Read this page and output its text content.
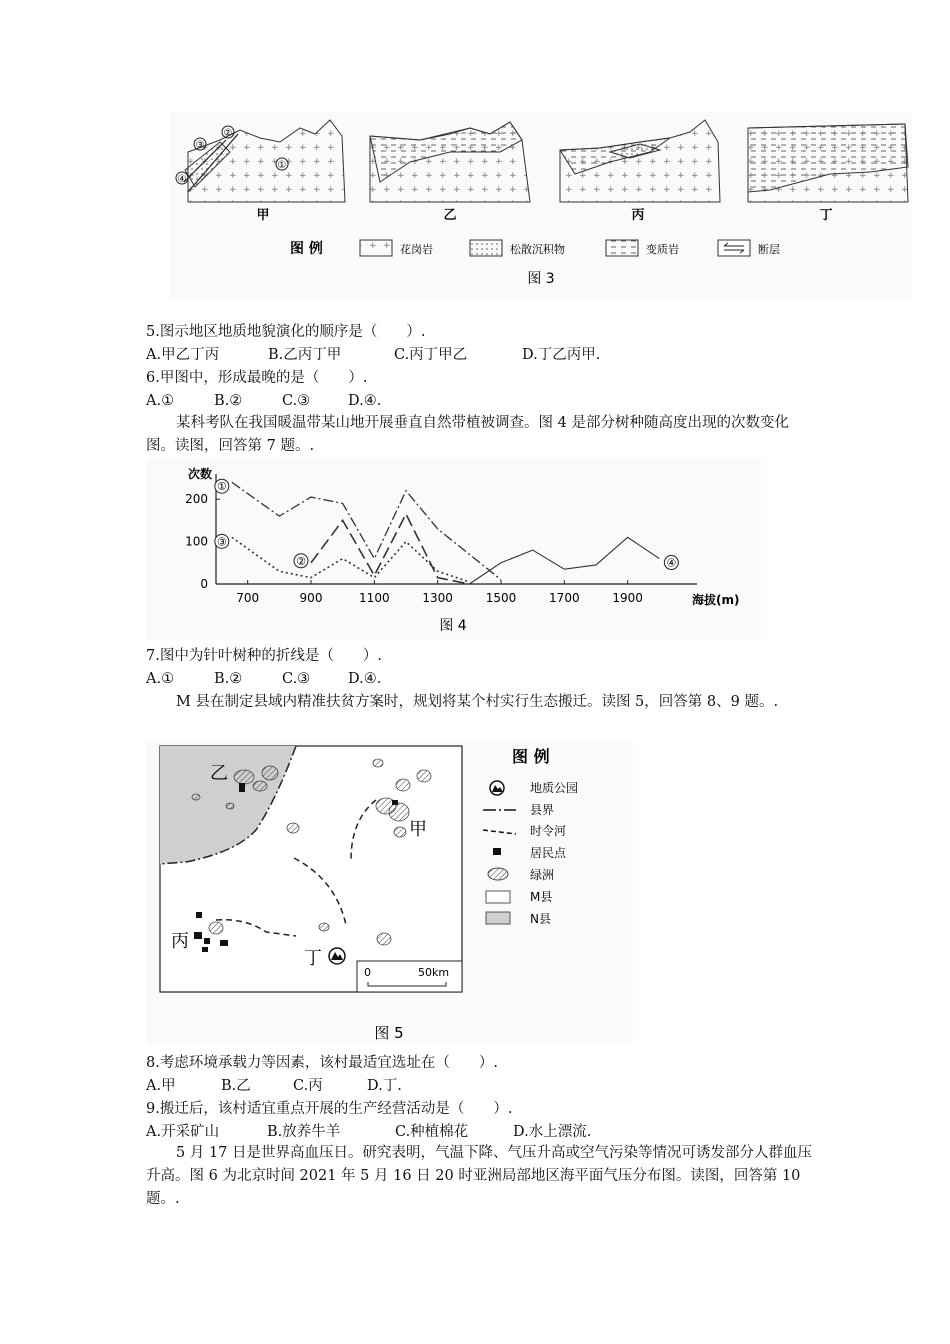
③
②
①
④
甲	乙	丙	丁
图 例	花岗岩	松散沉积物	变质岩	断层
图 3
5.图示地区地质地貌演化的顺序是（　　）.
A.甲乙丁丙	B.乙丙丁甲	C.丙丁甲乙	D.丁乙丙甲.
6.甲图中，形成最晚的是（　　）.
A.①	B.②	C.③	D.④.
某科考队在我国暖温带某山地开展垂直自然带植被调查。图 4 是部分树种随高度出现的次数变化图。读图，回答第 7 题。.
次数
海拔(m)
图 4
700	900	1100	1300	1500	1700	1900
0
100
200
①
②
③
④
7.图中为针叶树种的折线是（　　）.
A.①	B.②	C.③	D.④.
M 县在制定县域内精准扶贫方案时，规划将某个村实行生态搬迁。读图 5，回答第 8、9 题。.
乙
甲
丙
丁
0	50km
图 例
地质公园
县界
时令河
居民点
绿洲
M县
N县
图 5
8.考虑环境承载力等因素，该村最适宜选址在（　　）.
A.甲	B.乙	C.丙	D.丁.
9.搬迁后，该村适宜重点开展的生产经营活动是（　　）.
A.开采矿山	B.放养牛羊	C.种植棉花	D.水上漂流.
5 月 17 日是世界高血压日。研究表明，气温下降、气压升高或空气污染等情况可诱发部分人群血压升高。图 6 为北京时间 2021 年 5 月 16 日 20 时亚洲局部地区海平面气压分布图。读图，回答第 10 题。.
